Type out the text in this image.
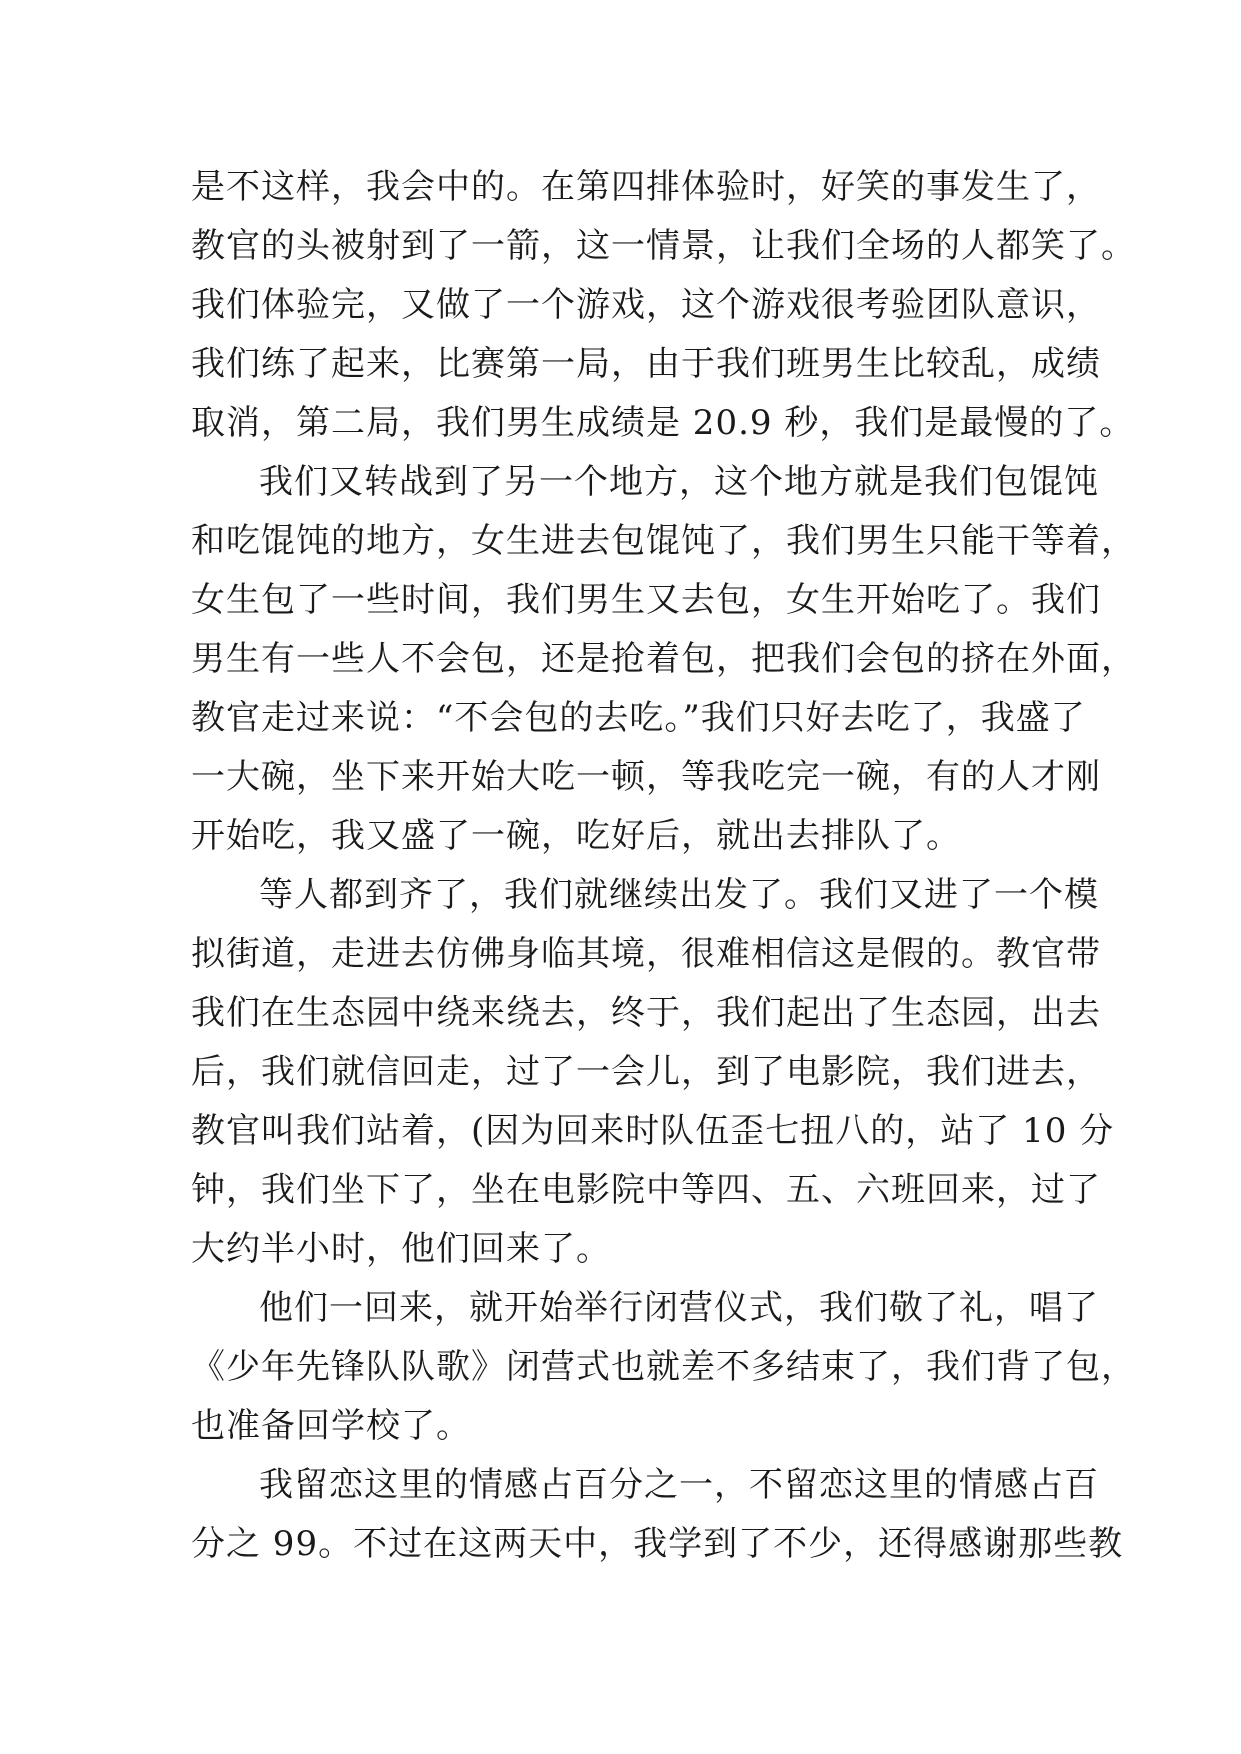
是不这样，我会中的。在第四排体验时，好笑的事发生了，
教官的头被射到了一箭，这一情景，让我们全场的人都笑了。
我们体验完，又做了一个游戏，这个游戏很考验团队意识，
我们练了起来，比赛第一局，由于我们班男生比较乱，成绩
取消，第二局，我们男生成绩是 20.9 秒，我们是最慢的了。
我们又转战到了另一个地方，这个地方就是我们包馄饨
和吃馄饨的地方，女生进去包馄饨了，我们男生只能干等着，
女生包了一些时间，我们男生又去包，女生开始吃了。我们
男生有一些人不会包，还是抢着包，把我们会包的挤在外面，
教官走过来说：“不会包的去吃。”我们只好去吃了，我盛了
一大碗，坐下来开始大吃一顿，等我吃完一碗，有的人才刚
开始吃，我又盛了一碗，吃好后，就出去排队了。
等人都到齐了，我们就继续出发了。我们又进了一个模
拟街道，走进去仿佛身临其境，很难相信这是假的。教官带
我们在生态园中绕来绕去，终于，我们起出了生态园，出去
后，我们就信回走，过了一会儿，到了电影院，我们进去，
教官叫我们站着，(因为回来时队伍歪七扭八的，站了 10 分
钟，我们坐下了，坐在电影院中等四、五、六班回来，过了
大约半小时，他们回来了。
他们一回来，就开始举行闭营仪式，我们敬了礼，唱了
《少年先锋队队歌》闭营式也就差不多结束了，我们背了包，
也准备回学校了。
我留恋这里的情感占百分之一，不留恋这里的情感占百
分之 99。不过在这两天中，我学到了不少，还得感谢那些教
